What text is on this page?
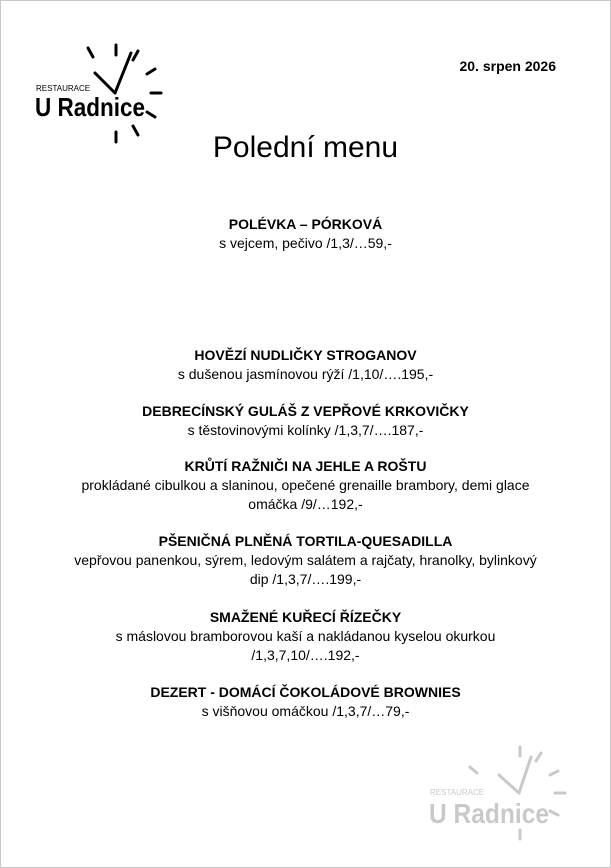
RESTAURACE
U Radnice
20. srpen 2026
Polední menu
POLÉVKA – PÓRKOVÁ
s vejcem, pečivo /1,3/…59,-
HOVĚZÍ NUDLIČKY STROGANOV
s dušenou jasmínovou rýží /1,10/….195,-
DEBRECÍNSKÝ GULÁŠ Z VEPŘOVÉ KRKOVIČKY
s těstovinovými kolínky /1,3,7/….187,-
KRŮTÍ RAŽNIČI NA JEHLE A ROŠTU
prokládané cibulkou a slaninou, opečené grenaille brambory, demi glace
omáčka /9/…192,-
PŠENIČNÁ PLNĚNÁ TORTILA-QUESADILLA
vepřovou panenkou, sýrem, ledovým salátem a rajčaty, hranolky, bylinkový
dip /1,3,7/….199,-
SMAŽENÉ KUŘECÍ ŘÍZEČKY
s máslovou bramborovou kaší a nakládanou kyselou okurkou
/1,3,7,10/….192,-
DEZERT - DOMÁCÍ ČOKOLÁDOVÉ BROWNIES
s višňovou omáčkou /1,3,7/…79,-
RESTAURACE
U Radnice
